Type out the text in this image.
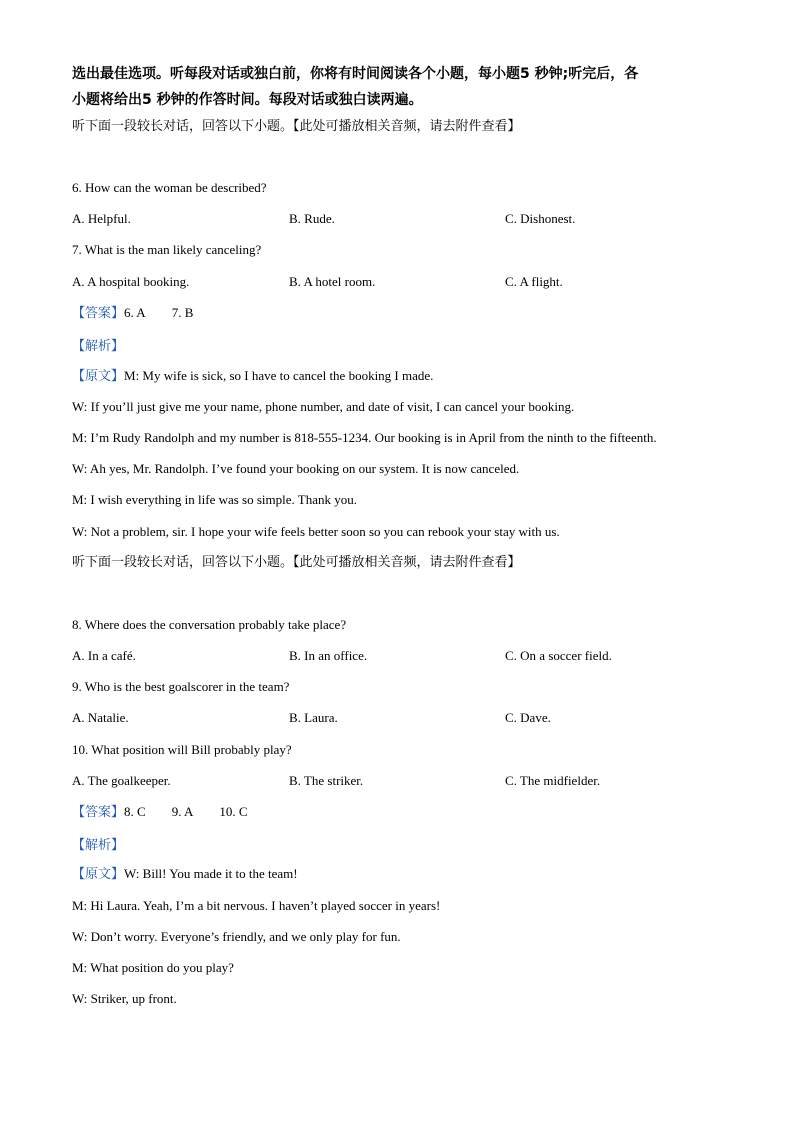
选出最佳选项。听每段对话或独白前，你将有时间阅读各个小题，每小题5 秒钟;听完后，各
小题将给出5 秒钟的作答时间。每段对话或独白读两遍。
听下面一段较长对话，回答以下小题。【此处可播放相关音频，请去附件查看】
6. How can the woman be described?
A. Helpful.	B. Rude.	C. Dishonest.
7. What is the man likely canceling?
A. A hospital booking.	B. A hotel room.	C. A flight.
【答案】6. A 7. B
【解析】
【原文】M: My wife is sick, so I have to cancel the booking I made.
W: If you’ll just give me your name, phone number, and date of visit, I can cancel your booking.
M: I’m Rudy Randolph and my number is 818-555-1234. Our booking is in April from the ninth to the fifteenth.
W: Ah yes, Mr. Randolph. I’ve found your booking on our system. It is now canceled.
M: I wish everything in life was so simple. Thank you.
W: Not a problem, sir. I hope your wife feels better soon so you can rebook your stay with us.
听下面一段较长对话，回答以下小题。【此处可播放相关音频，请去附件查看】
8. Where does the conversation probably take place?
A. In a café.	B. In an office.	C. On a soccer field.
9. Who is the best goalscorer in the team?
A. Natalie.	B. Laura.	C. Dave.
10. What position will Bill probably play?
A. The goalkeeper.	B. The striker.	C. The midfielder.
【答案】8. C 9. A 10. C
【解析】
【原文】W: Bill! You made it to the team!
M: Hi Laura. Yeah, I’m a bit nervous. I haven’t played soccer in years!
W: Don’t worry. Everyone’s friendly, and we only play for fun.
M: What position do you play?
W: Striker, up front.
